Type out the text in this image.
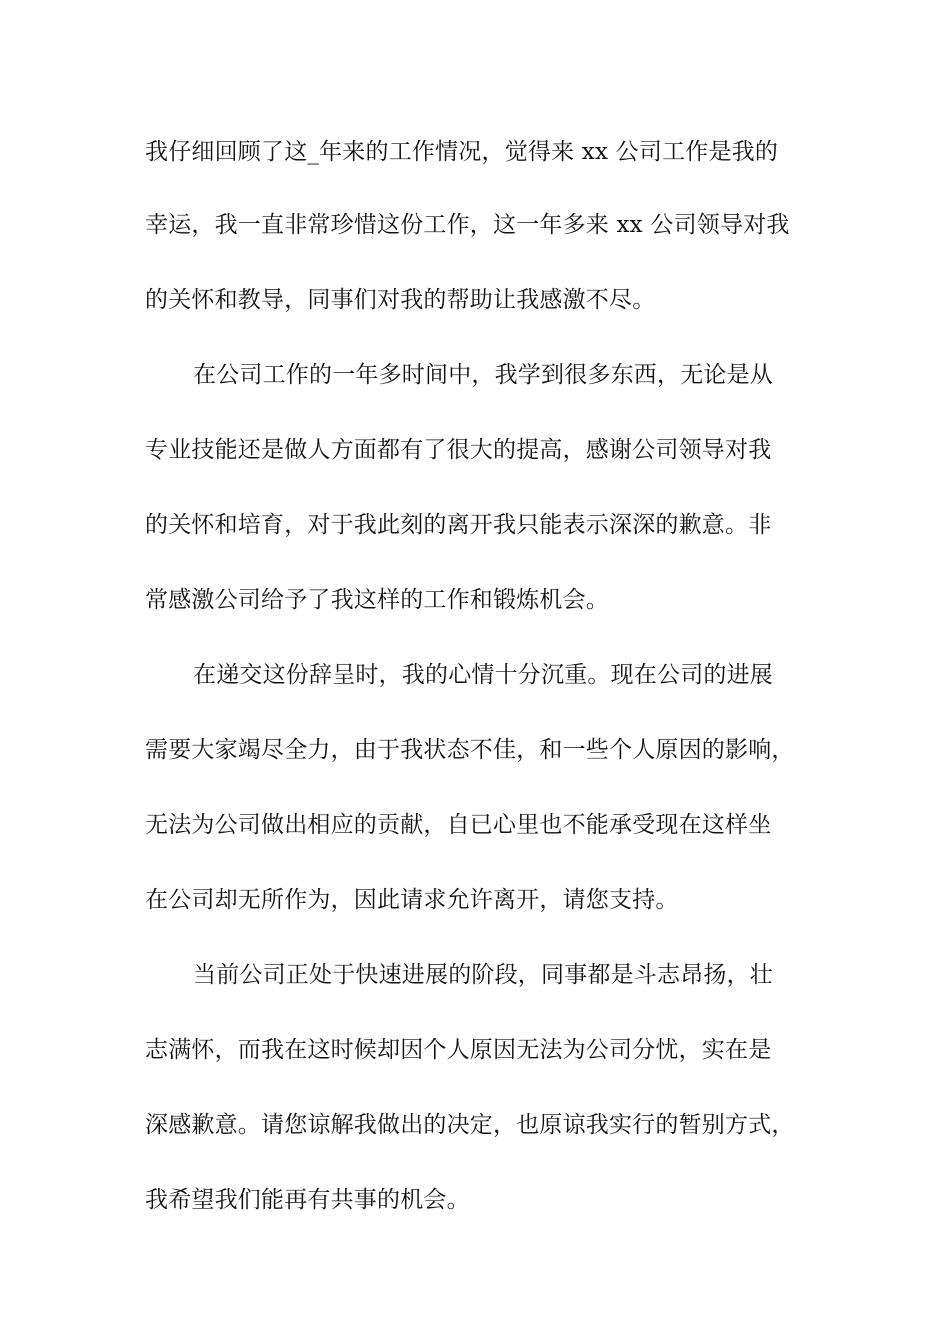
我仔细回顾了这_年来的工作情况，觉得来 xx 公司工作是我的
幸运，我一直非常珍惜这份工作，这一年多来 xx 公司领导对我
的关怀和教导，同事们对我的帮助让我感激不尽。
在公司工作的一年多时间中，我学到很多东西，无论是从
专业技能还是做人方面都有了很大的提高，感谢公司领导对我
的关怀和培育，对于我此刻的离开我只能表示深深的歉意。非
常感激公司给予了我这样的工作和锻炼机会。
在递交这份辞呈时，我的心情十分沉重。现在公司的进展
需要大家竭尽全力，由于我状态不佳，和一些个人原因的影响，
无法为公司做出相应的贡献，自已心里也不能承受现在这样坐
在公司却无所作为，因此请求允许离开，请您支持。
当前公司正处于快速进展的阶段，同事都是斗志昂扬，壮
志满怀，而我在这时候却因个人原因无法为公司分忧，实在是
深感歉意。请您谅解我做出的决定，也原谅我实行的暂别方式，
我希望我们能再有共事的机会。
